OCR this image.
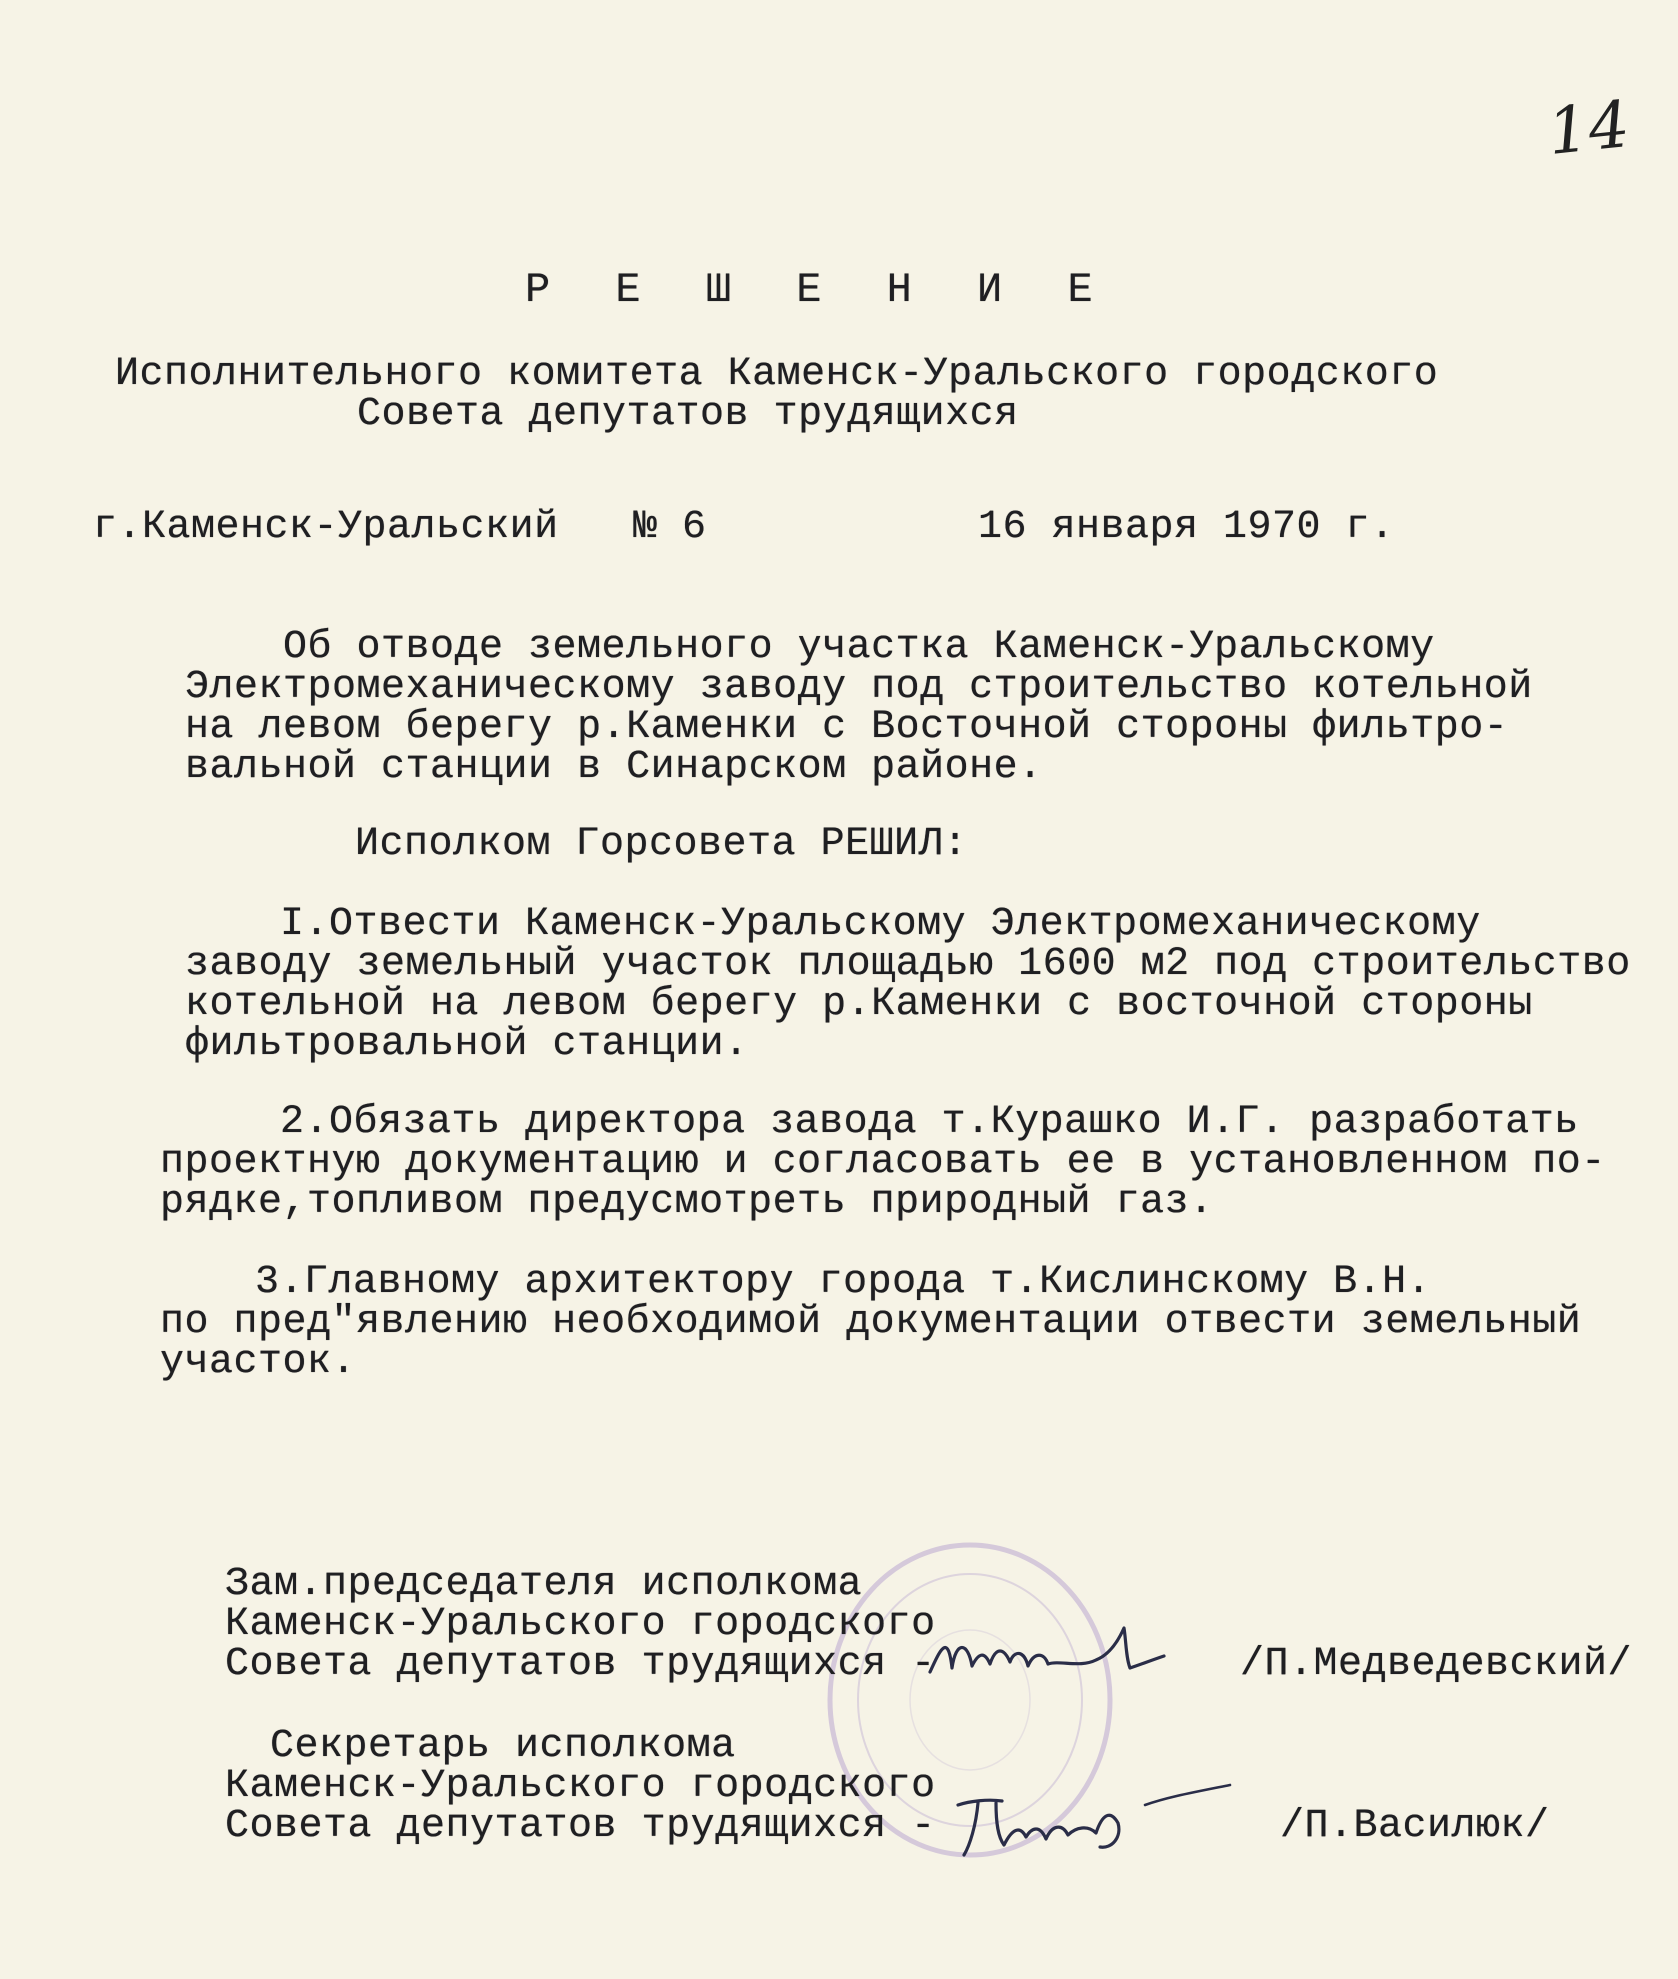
14
Р Е Ш Е Н И Е
Исполнительного комитета Каменск-Уральского городского
Совета депутатов трудящихся
г.Каменск-Уральский № 6	16 января 1970 г.
Об отводе земельного участка Каменск-Уральскому
Электромеханическому заводу под строительство котельной
на левом берегу р.Каменки с Восточной стороны фильтро-
вальной станции в Синарском районе.
Исполком Горсовета РЕШИЛ:
I.Отвести Каменск-Уральскому Электромеханическому
заводу земельный участок площадью 1600 м2 под строительство
котельной на левом берегу р.Каменки с восточной стороны
фильтровальной станции.
2.Обязать директора завода т.Курашко И.Г. разработать
проектную документацию и согласовать ее в установленном по-
рядке,топливом предусмотреть природный газ.
3.Главному архитектору города т.Кислинскому В.Н.
по пред"явлению необходимой документации отвести земельный
участок.
Зам.председателя исполкома
Каменск-Уральского городского
Совета депутатов трудящихся -	/П.Медведевский/
Секретарь исполкома
Каменск-Уральского городского
Совета депутатов трудящихся -	/П.Василюк/
